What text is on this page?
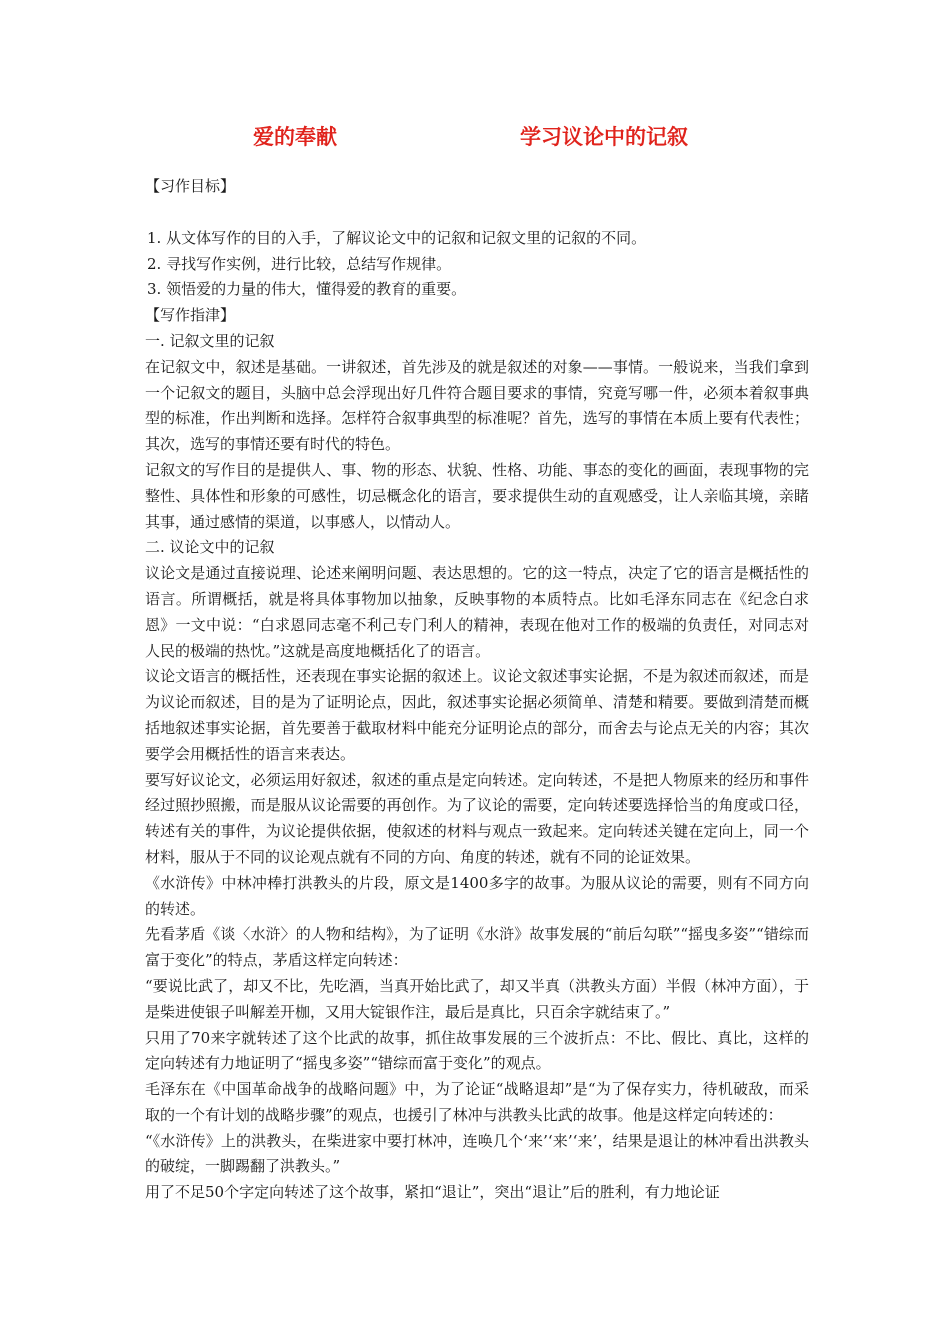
爱的奉献	学习议论中的记叙

【习作目标】

1. 从文体写作的目的入手，了解议论文中的记叙和记叙文里的记叙的不同。

2. 寻找写作实例，进行比较，总结写作规律。

3. 领悟爱的力量的伟大，懂得爱的教育的重要。

【写作指津】

一. 记叙文里的记叙

在记叙文中，叙述是基础。一讲叙述，首先涉及的就是叙述的对象——事情。一般说来，当我们拿到一个记叙文的题目，头脑中总会浮现出好几件符合题目要求的事情，究竟写哪一件，必须本着叙事典型的标准，作出判断和选择。怎样符合叙事典型的标准呢？首先，选写的事情在本质上要有代表性；其次，选写的事情还要有时代的特色。

记叙文的写作目的是提供人、事、物的形态、状貌、性格、功能、事态的变化的画面，表现事物的完整性、具体性和形象的可感性，切忌概念化的语言，要求提供生动的直观感受，让人亲临其境，亲睹其事，通过感情的渠道，以事感人，以情动人。

二. 议论文中的记叙

议论文是通过直接说理、论述来阐明问题、表达思想的。它的这一特点，决定了它的语言是概括性的语言。所谓概括，就是将具体事物加以抽象，反映事物的本质特点。比如毛泽东同志在《纪念白求恩》一文中说：“白求恩同志毫不利己专门利人的精神，表现在他对工作的极端的负责任，对同志对人民的极端的热忱。”这就是高度地概括化了的语言。

议论文语言的概括性，还表现在事实论据的叙述上。议论文叙述事实论据，不是为叙述而叙述，而是为议论而叙述，目的是为了证明论点，因此，叙述事实论据必须简单、清楚和精要。要做到清楚而概括地叙述事实论据，首先要善于截取材料中能充分证明论点的部分，而舍去与论点无关的内容；其次要学会用概括性的语言来表达。

要写好议论文，必须运用好叙述，叙述的重点是定向转述。定向转述，不是把人物原来的经历和事件经过照抄照搬，而是服从议论需要的再创作。为了议论的需要，定向转述要选择恰当的角度或口径，转述有关的事件，为议论提供依据，使叙述的材料与观点一致起来。定向转述关键在定向上，同一个材料，服从于不同的议论观点就有不同的方向、角度的转述，就有不同的论证效果。

《水浒传》中林冲棒打洪教头的片段，原文是1400多字的故事。为服从议论的需要，则有不同方向的转述。

先看茅盾《谈〈水浒〉的人物和结构》，为了证明《水浒》故事发展的“前后勾联”“摇曳多姿”“错综而富于变化”的特点，茅盾这样定向转述：

“要说比武了，却又不比，先吃酒，当真开始比武了，却又半真（洪教头方面）半假（林冲方面），于是柴进使银子叫解差开枷，又用大锭银作注，最后是真比，只百余字就结束了。”

只用了70来字就转述了这个比武的故事，抓住故事发展的三个波折点：不比、假比、真比，这样的定向转述有力地证明了“摇曳多姿”“错综而富于变化”的观点。

毛泽东在《中国革命战争的战略问题》中，为了论证“战略退却”是“为了保存实力，待机破敌，而采取的一个有计划的战略步骤”的观点，也援引了林冲与洪教头比武的故事。他是这样定向转述的：

“《水浒传》上的洪教头，在柴进家中要打林冲，连唤几个‘来’‘来’‘来’，结果是退让的林冲看出洪教头的破绽，一脚踢翻了洪教头。”

用了不足50个字定向转述了这个故事，紧扣“退让”，突出“退让”后的胜利，有力地论证
